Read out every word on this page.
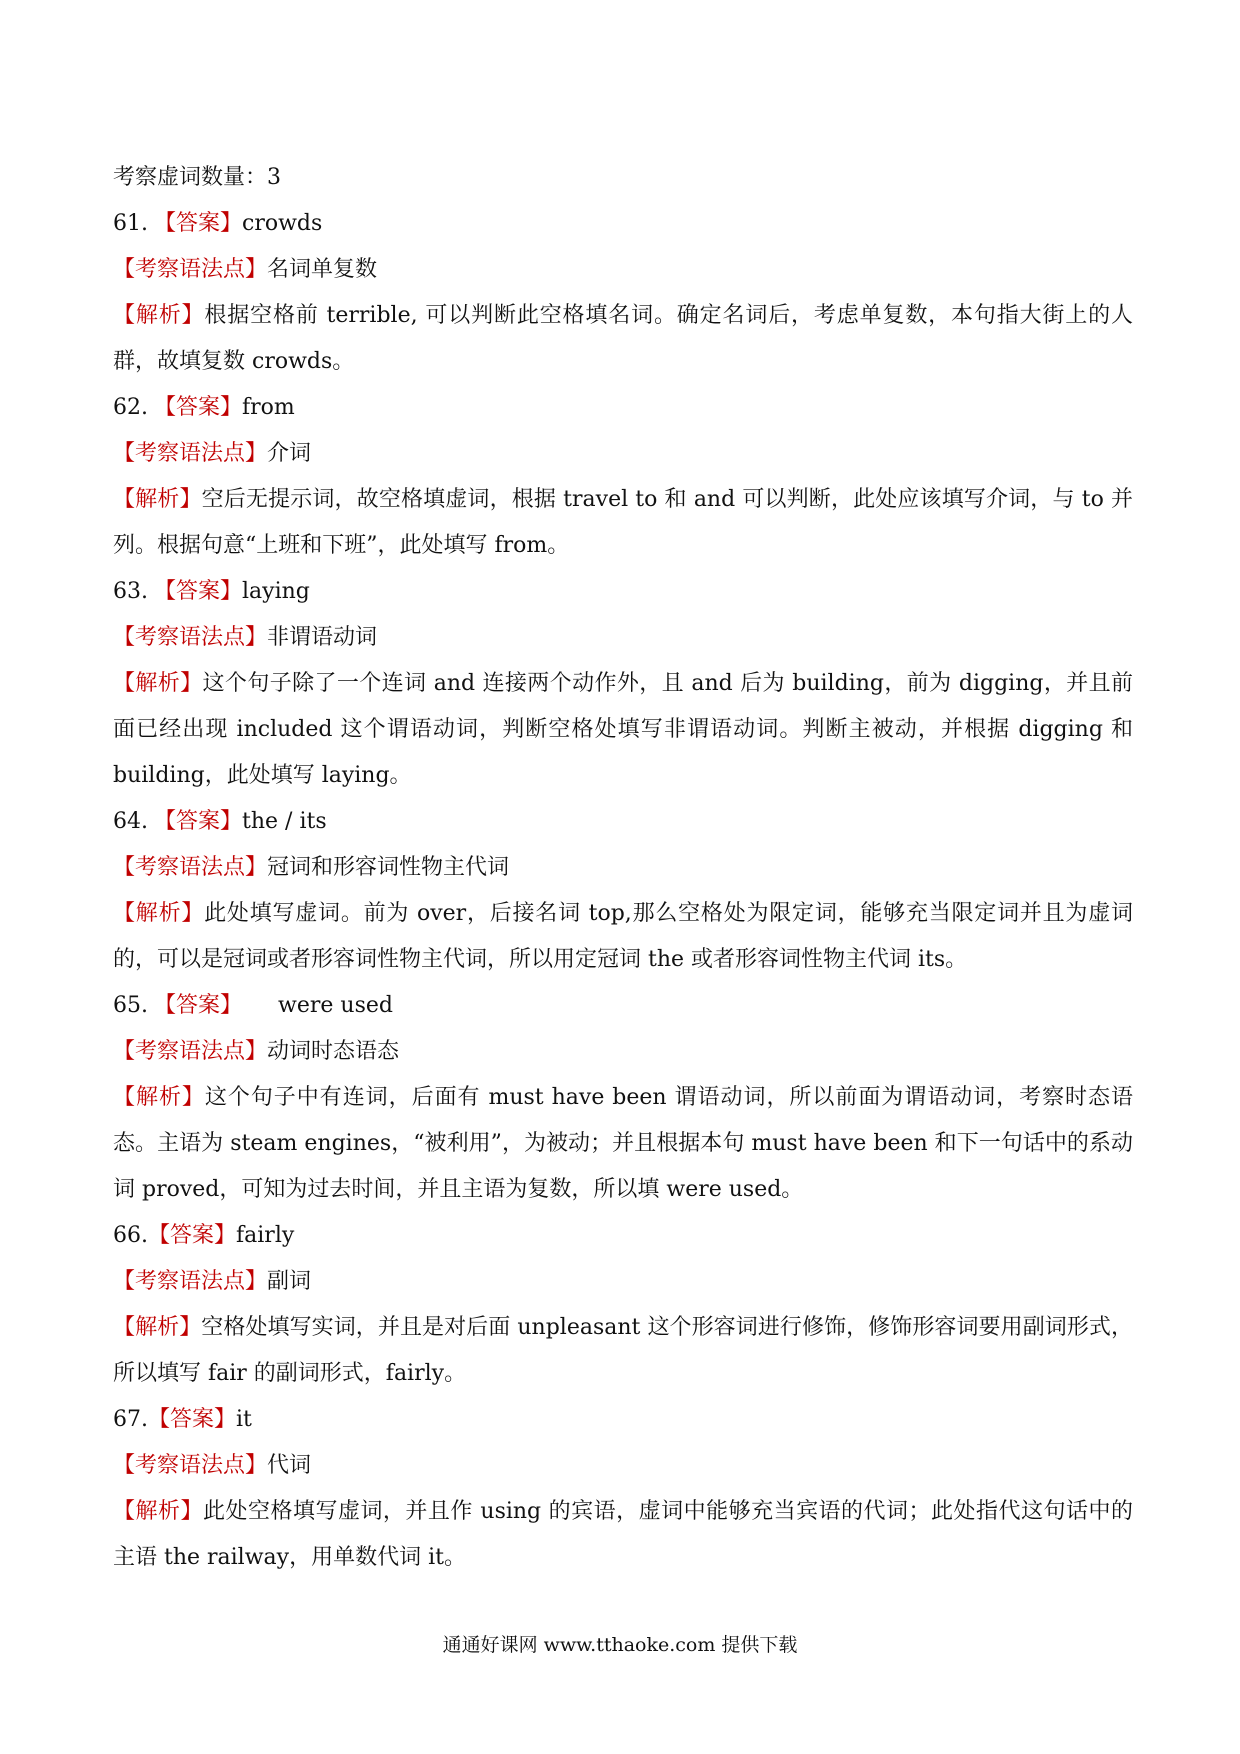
考察虚词数量：3
61. 【答案】crowds
【考察语法点】名词单复数
【解析】根据空格前 terrible, 可以判断此空格填名词。确定名词后，考虑单复数，本句指大街上的人群，故填复数 crowds。
62. 【答案】from
【考察语法点】介词
【解析】空后无提示词，故空格填虚词，根据 travel to 和 and 可以判断，此处应该填写介词，与 to 并列。根据句意“上班和下班”，此处填写 from。
63. 【答案】laying
【考察语法点】非谓语动词
【解析】这个句子除了一个连词 and 连接两个动作外，且 and 后为 building，前为 digging，并且前面已经出现 included 这个谓语动词，判断空格处填写非谓语动词。判断主被动，并根据 digging 和 building，此处填写 laying。
64. 【答案】the / its
【考察语法点】冠词和形容词性物主代词
【解析】此处填写虚词。前为 over，后接名词 top,那么空格处为限定词，能够充当限定词并且为虚词的，可以是冠词或者形容词性物主代词，所以用定冠词 the 或者形容词性物主代词 its。
65. 【答案】 were used
【考察语法点】动词时态语态
【解析】这个句子中有连词，后面有 must have been 谓语动词，所以前面为谓语动词，考察时态语态。主语为 steam engines，“被利用”，为被动；并且根据本句 must have been 和下一句话中的系动词 proved，可知为过去时间，并且主语为复数，所以填 were used。
66.【答案】fairly
【考察语法点】副词
【解析】空格处填写实词，并且是对后面 unpleasant 这个形容词进行修饰，修饰形容词要用副词形式，所以填写 fair 的副词形式，fairly。
67.【答案】it
【考察语法点】代词
【解析】此处空格填写虚词，并且作 using 的宾语，虚词中能够充当宾语的代词；此处指代这句话中的主语 the railway，用单数代词 it。
通通好课网 www.tthaoke.com 提供下载
